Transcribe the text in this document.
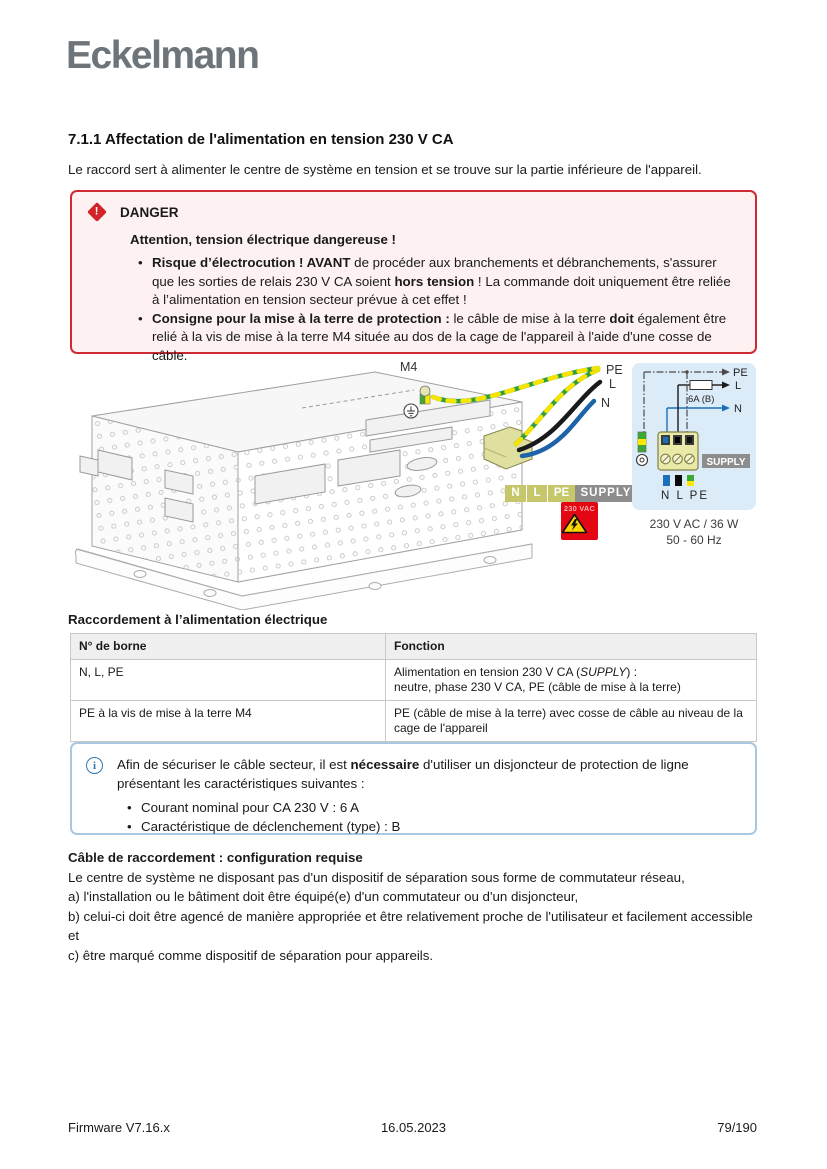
Eckelmann
7.1.1 Affectation de l'alimentation en tension 230 V CA
Le raccord sert à alimenter le centre de système en tension et se trouve sur la partie inférieure de l'appareil.
! DANGER
Attention, tension électrique dangereuse !
• Risque d’électrocution ! AVANT de procéder aux branchements et débranchements, s'assurer que les sorties de relais 230 V CA soient hors tension ! La commande doit uniquement être reliée à l’alimentation en tension secteur prévue à cet effet !
• Consigne pour la mise à la terre de protection : le câble de mise à la terre doit également être relié à la vis de mise à la terre M4 située au dos de la cage de l'appareil à l'aide d'une cosse de câble.
M4	PE
L
N
N	L	PE SUPPLY
230 VAC
PE
L
N
6A (B)
SUPPLY
N L PE
230 V AC / 36 W
50 - 60 Hz
Raccordement à l’alimentation électrique
N° de borne	Fonction
N, L, PE	Alimentation en tension 230 V CA (SUPPLY) :
neutre, phase 230 V CA, PE (câble de mise à la terre)
PE à la vis de mise à la terre M4	PE (câble de mise à la terre) avec cosse de câble au niveau de la cage de l'appareil
i	Afin de sécuriser le câble secteur, il est nécessaire d'utiliser un disjoncteur de protection de ligne présentant les caractéristiques suivantes :
• Courant nominal pour CA 230 V : 6 A
• Caractéristique de déclenchement (type) : B
Câble de raccordement : configuration requise
Le centre de système ne disposant pas d'un dispositif de séparation sous forme de commutateur réseau,
a) l'installation ou le bâtiment doit être équipé(e) d'un commutateur ou d'un disjoncteur,
b) celui-ci doit être agencé de manière appropriée et être relativement proche de l'utilisateur et facilement accessible et
c) être marqué comme dispositif de séparation pour appareils.
16.05.2023
Firmware V7.16.x	79/190
